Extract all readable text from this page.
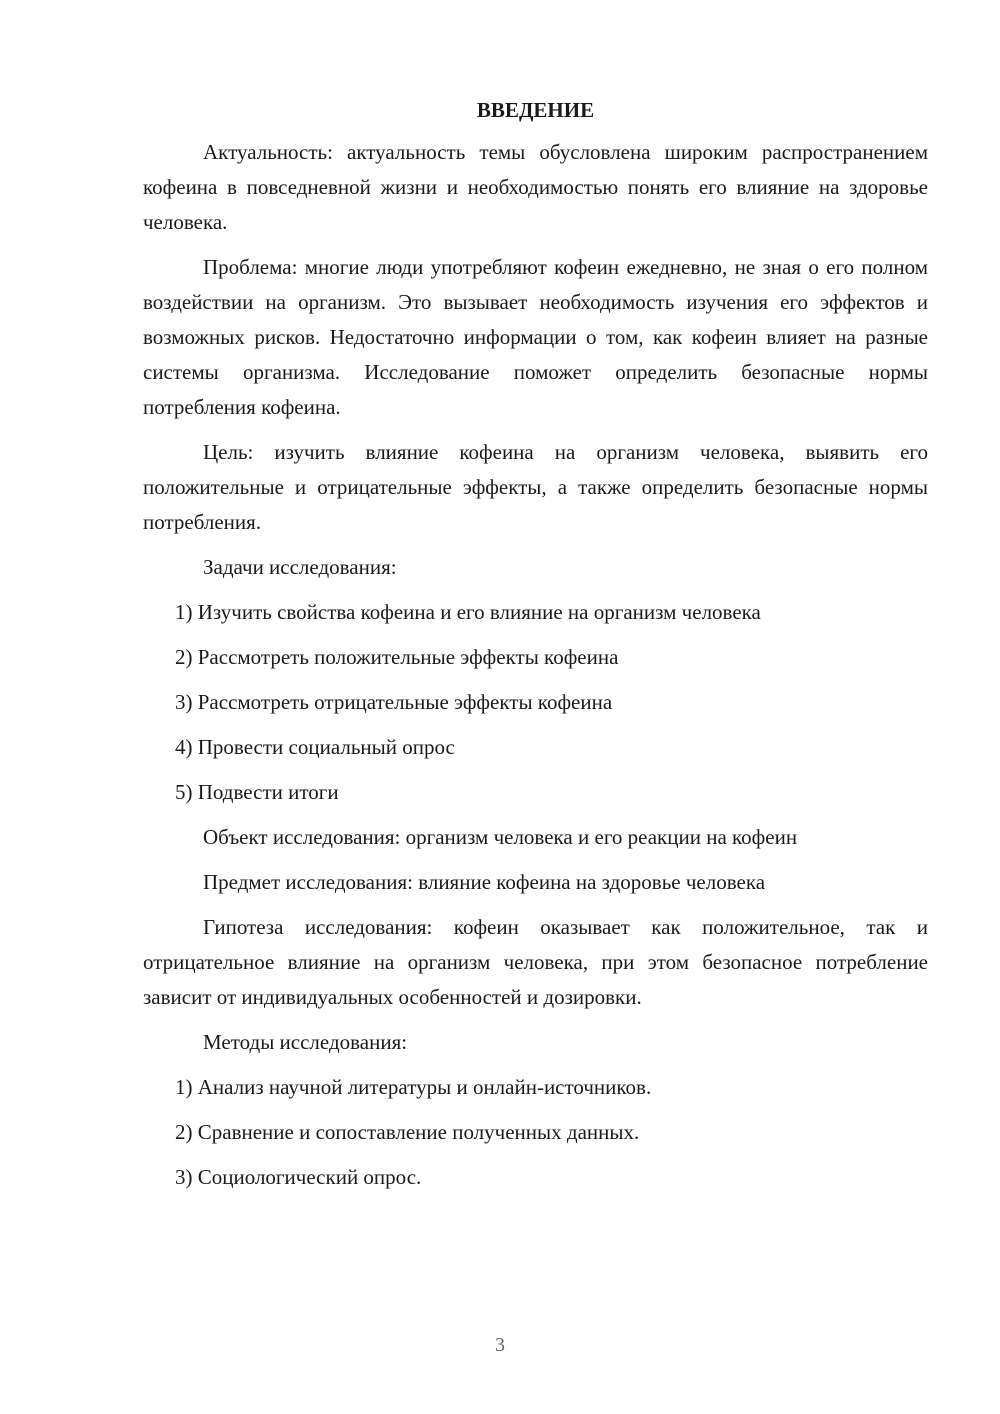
ВВЕДЕНИЕ

Актуальность: актуальность темы обусловлена широким распространением кофеина в повседневной жизни и необходимостью понять его влияние на здоровье человека.

Проблема: многие люди употребляют кофеин ежедневно, не зная о его полном воздействии на организм. Это вызывает необходимость изучения его эффектов и возможных рисков. Недостаточно информации о том, как кофеин влияет на разные системы организма. Исследование поможет определить безопасные нормы потребления кофеина.

Цель: изучить влияние кофеина на организм человека, выявить его положительные и отрицательные эффекты, а также определить безопасные нормы потребления.

Задачи исследования:
1) Изучить свойства кофеина и его влияние на организм человека
2) Рассмотреть положительные эффекты кофеина
3) Рассмотреть отрицательные эффекты кофеина
4) Провести социальный опрос
5) Подвести итоги
Объект исследования: организм человека и его реакции на кофеин
Предмет исследования: влияние кофеина на здоровье человека

Гипотеза исследования: кофеин оказывает как положительное, так и отрицательное влияние на организм человека, при этом безопасное потребление зависит от индивидуальных особенностей и дозировки.

Методы исследования:
1) Анализ научной литературы и онлайн-источников.
2) Сравнение и сопоставление полученных данных.
3) Социологический опрос.
3
